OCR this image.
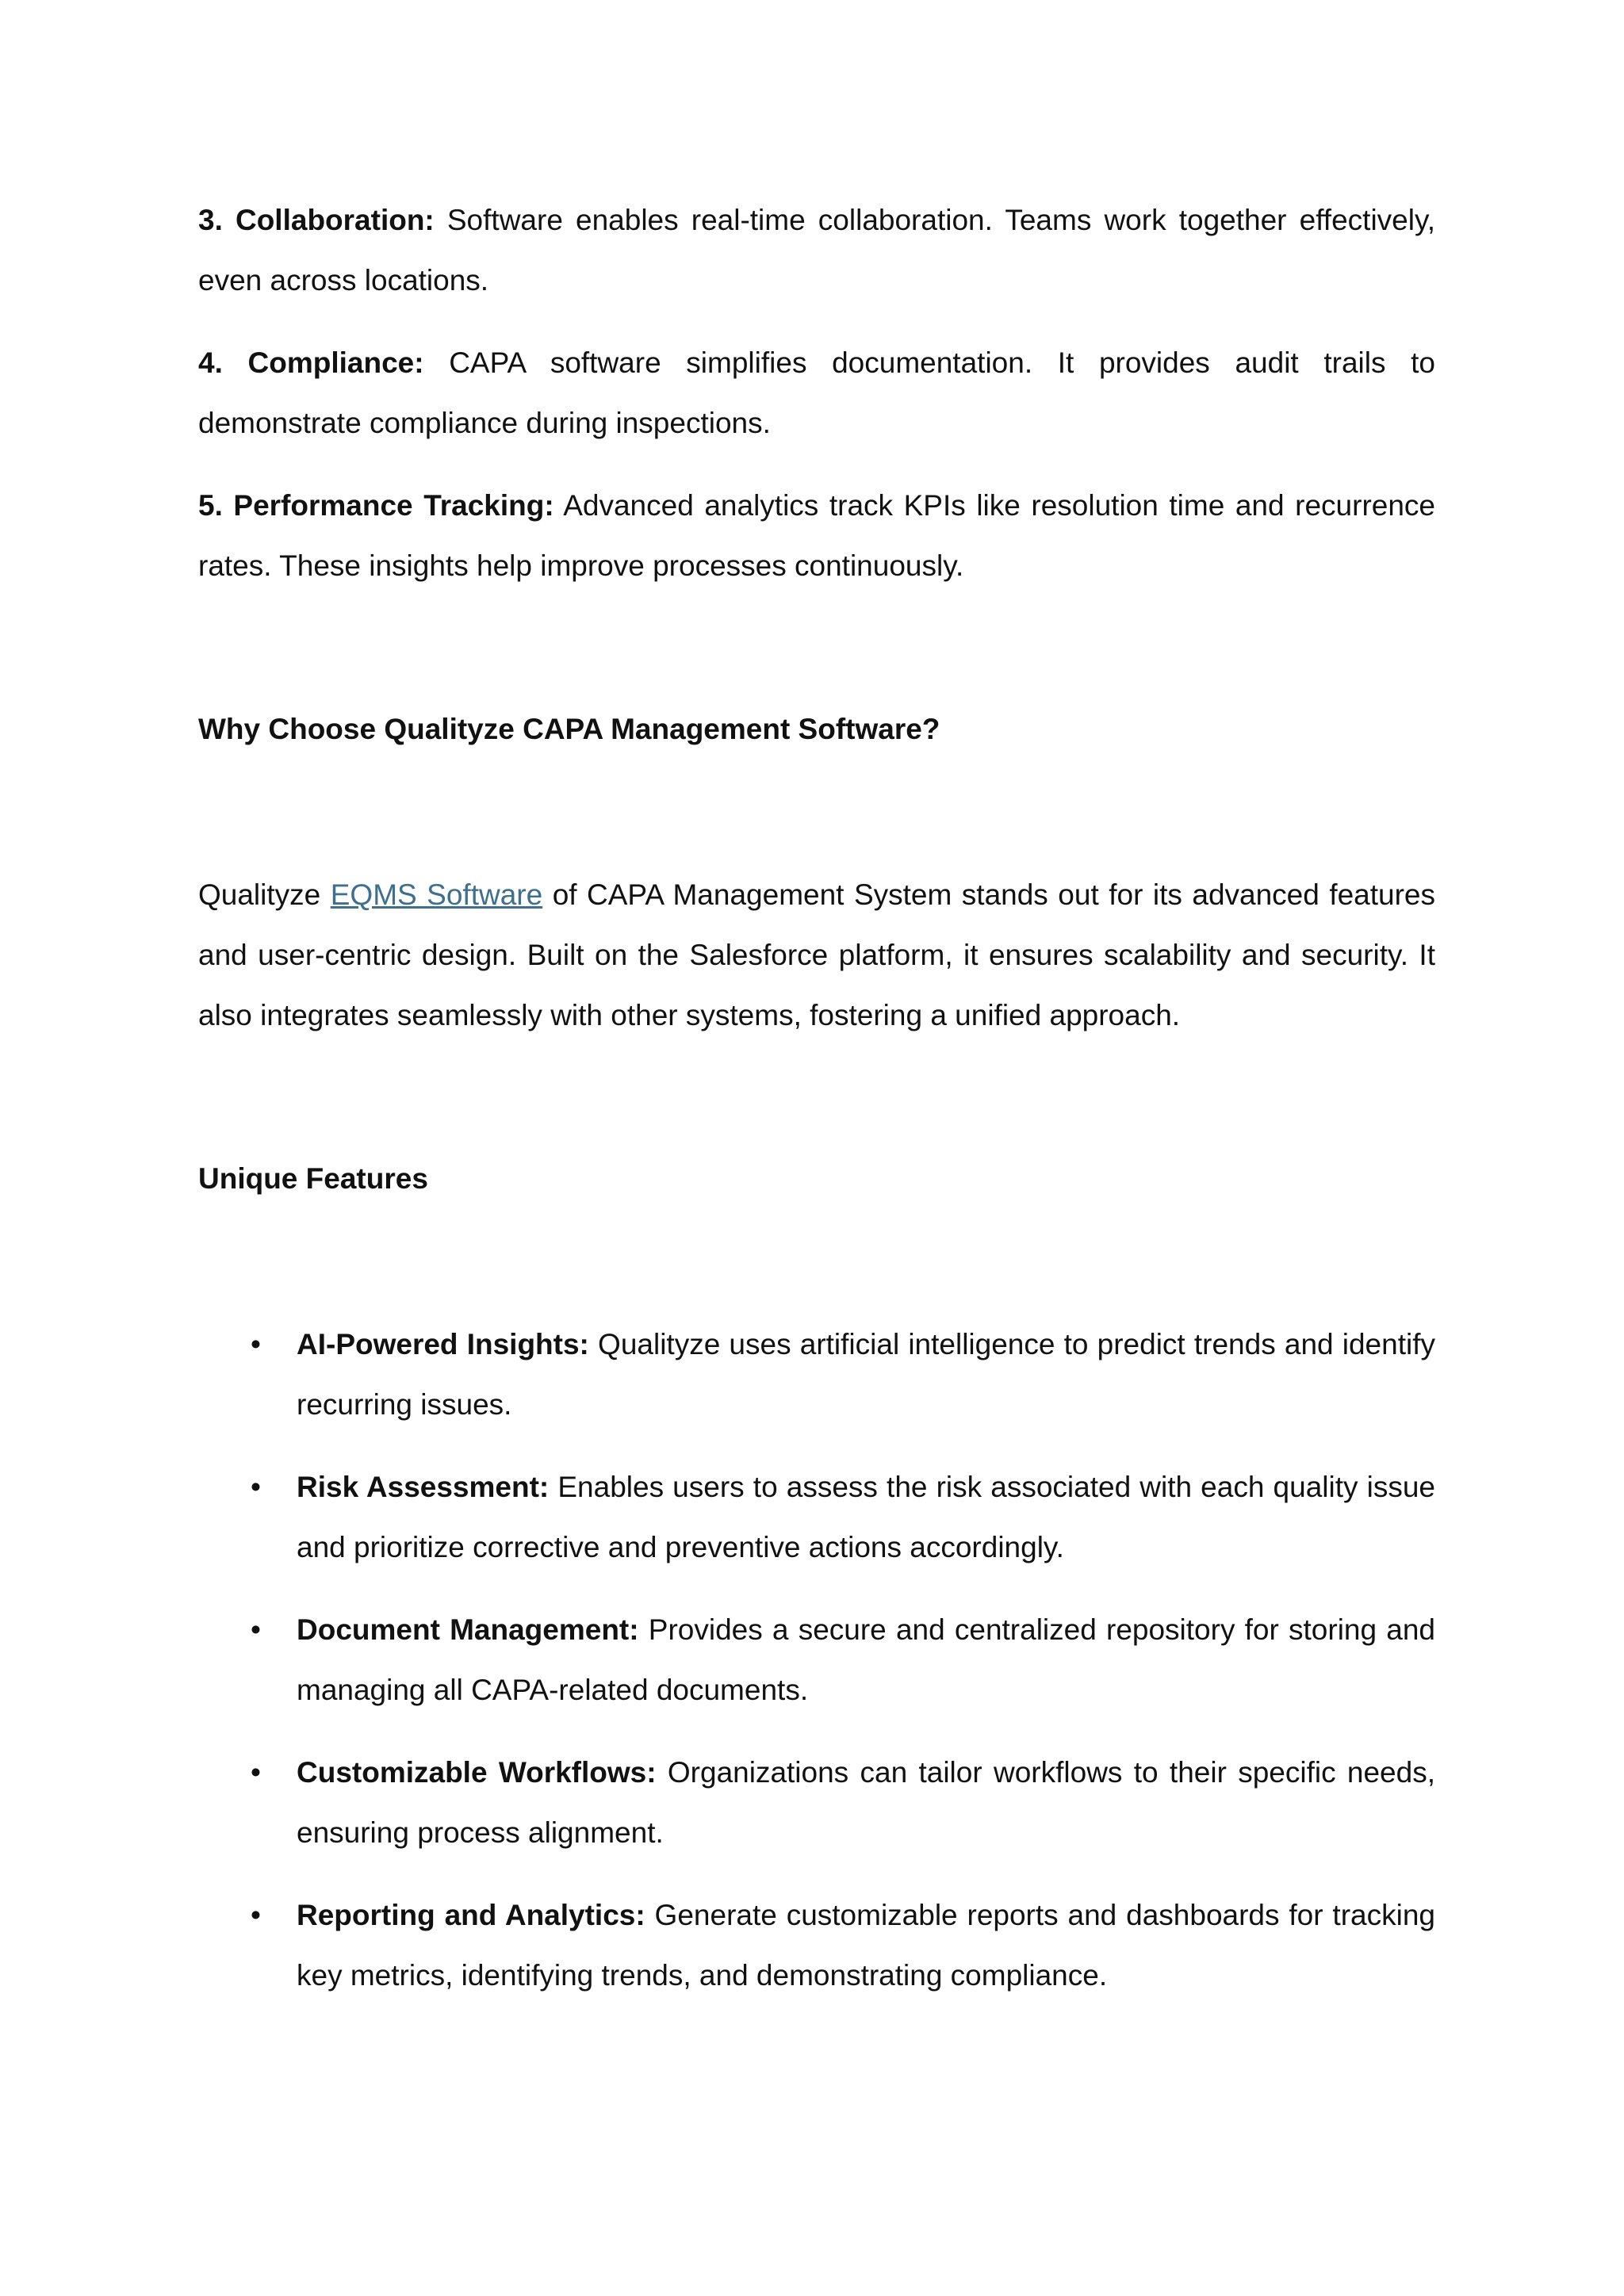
3. Collaboration: Software enables real-time collaboration. Teams work together effectively, even across locations.

4. Compliance: CAPA software simplifies documentation. It provides audit trails to demonstrate compliance during inspections.

5. Performance Tracking: Advanced analytics track KPIs like resolution time and recurrence rates. These insights help improve processes continuously.

Why Choose Qualityze CAPA Management Software?

Qualityze EQMS Software of CAPA Management System stands out for its advanced features and user-centric design. Built on the Salesforce platform, it ensures scalability and security. It also integrates seamlessly with other systems, fostering a unified approach.

Unique Features

• AI-Powered Insights: Qualityze uses artificial intelligence to predict trends and identify recurring issues.
• Risk Assessment: Enables users to assess the risk associated with each quality issue and prioritize corrective and preventive actions accordingly.
• Document Management: Provides a secure and centralized repository for storing and managing all CAPA-related documents.
• Customizable Workflows: Organizations can tailor workflows to their specific needs, ensuring process alignment.
• Reporting and Analytics: Generate customizable reports and dashboards for tracking key metrics, identifying trends, and demonstrating compliance.
